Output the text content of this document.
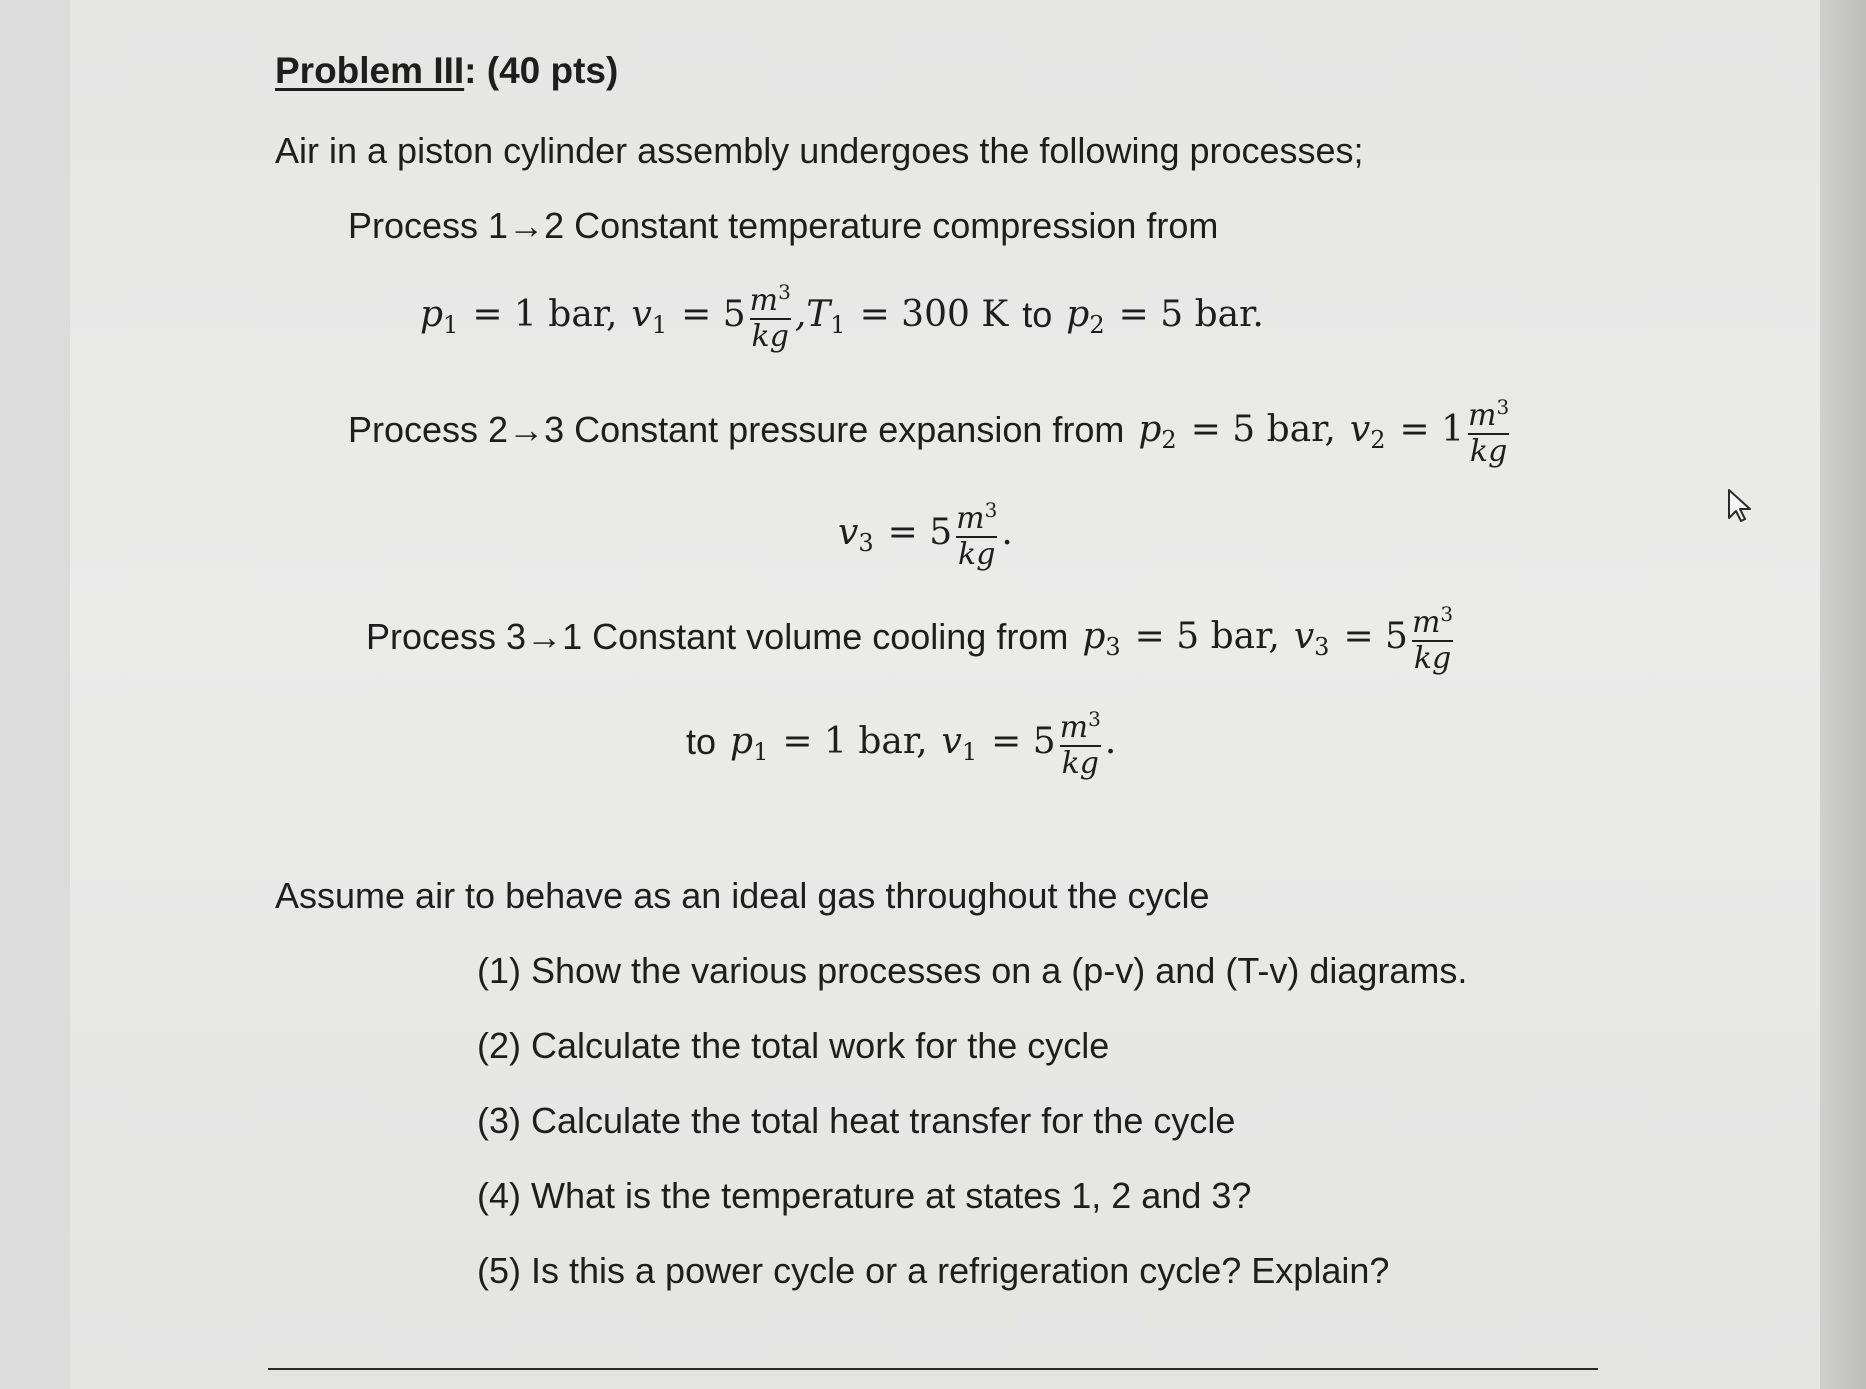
Problem III: (40 pts)
Air in a piston cylinder assembly undergoes the following processes;
Process 1→2 Constant temperature compression from
p 1 = 1 bar, v $1 = 5 \frac{m^3}{kg} ,T$ 1 = 300 K to p 2 = 5 bar.
Process 2→3 Constant pressure expansion from p 2 = 5 bar, v $2 = 1 \frac{m^3}{kg}$
v $3 = 5 \frac{m^3}{kg}$ .
Process 3→1 Constant volume cooling from p 3 = 5 bar, v $3 = 5 \frac{m^3}{kg}$
to p 1 = 1 bar, v $1 = 5 \frac{m^3}{kg}$ .
Assume air to behave as an ideal gas throughout the cycle
(1) Show the various processes on a (p-v) and (T-v) diagrams.
(2) Calculate the total work for the cycle
(3) Calculate the total heat transfer for the cycle
(4) What is the temperature at states 1, 2 and 3?
(5) Is this a power cycle or a refrigeration cycle? Explain?
